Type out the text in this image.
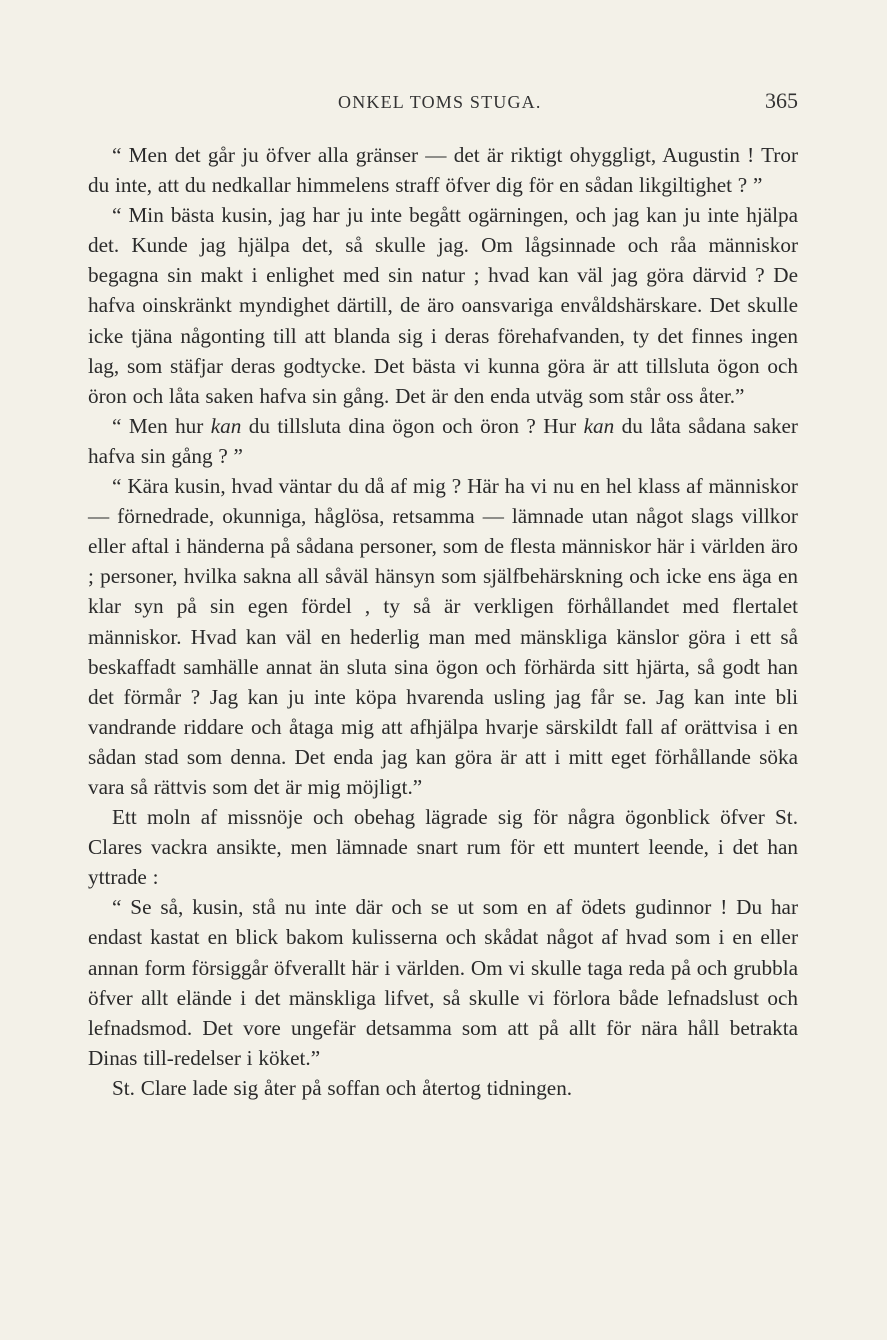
ONKEL TOMS STUGA.	365

“ Men det går ju öfver alla gränser — det är riktigt ohyggligt, Augustin ! Tror du inte, att du nedkallar himmelens straff öfver dig för en sådan likgiltighet ? ”

“ Min bästa kusin, jag har ju inte begått ogärningen, och jag kan ju inte hjälpa det. Kunde jag hjälpa det, så skulle jag. Om lågsinnade och råa människor begagna sin makt i enlighet med sin natur ; hvad kan väl jag göra därvid ? De hafva oinskränkt myndighet därtill, de äro oansvariga envåldshärskare. Det skulle icke tjäna någonting till att blanda sig i deras förehafvanden, ty det finnes ingen lag, som stäfjar deras godtycke. Det bästa vi kunna göra är att tillsluta ögon och öron och låta saken hafva sin gång. Det är den enda utväg som står oss åter.”

“ Men hur kan du tillsluta dina ögon och öron ? Hur kan du låta sådana saker hafva sin gång ? ”

“ Kära kusin, hvad väntar du då af mig ? Här ha vi nu en hel klass af människor — förnedrade, okunniga, håglösa, retsamma — lämnade utan något slags villkor eller aftal i händerna på sådana personer, som de flesta människor här i världen äro ; personer, hvilka sakna all såväl hänsyn som själfbehärskning och icke ens äga en klar syn på sin egen fördel , ty så är verkligen förhållandet med flertalet människor. Hvad kan väl en hederlig man med mänskliga känslor göra i ett så beskaffadt samhälle annat än sluta sina ögon och förhärda sitt hjärta, så godt han det förmår ? Jag kan ju inte köpa hvarenda usling jag får se. Jag kan inte bli vandrande riddare och åtaga mig att afhjälpa hvarje särskildt fall af orättvisa i en sådan stad som denna. Det enda jag kan göra är att i mitt eget förhållande söka vara så rättvis som det är mig möjligt.”

Ett moln af missnöje och obehag lägrade sig för några ögonblick öfver St. Clares vackra ansikte, men lämnade snart rum för ett muntert leende, i det han yttrade :

“ Se så, kusin, stå nu inte där och se ut som en af ödets gudinnor ! Du har endast kastat en blick bakom kulisserna och skådat något af hvad som i en eller annan form försiggår öfverallt här i världen. Om vi skulle taga reda på och grubbla öfver allt elände i det mänskliga lifvet, så skulle vi förlora både lefnadslust och lefnadsmod. Det vore ungefär detsamma som att på allt för nära håll betrakta Dinas till-redelser i köket.”

St. Clare lade sig åter på soffan och återtog tidningen.
